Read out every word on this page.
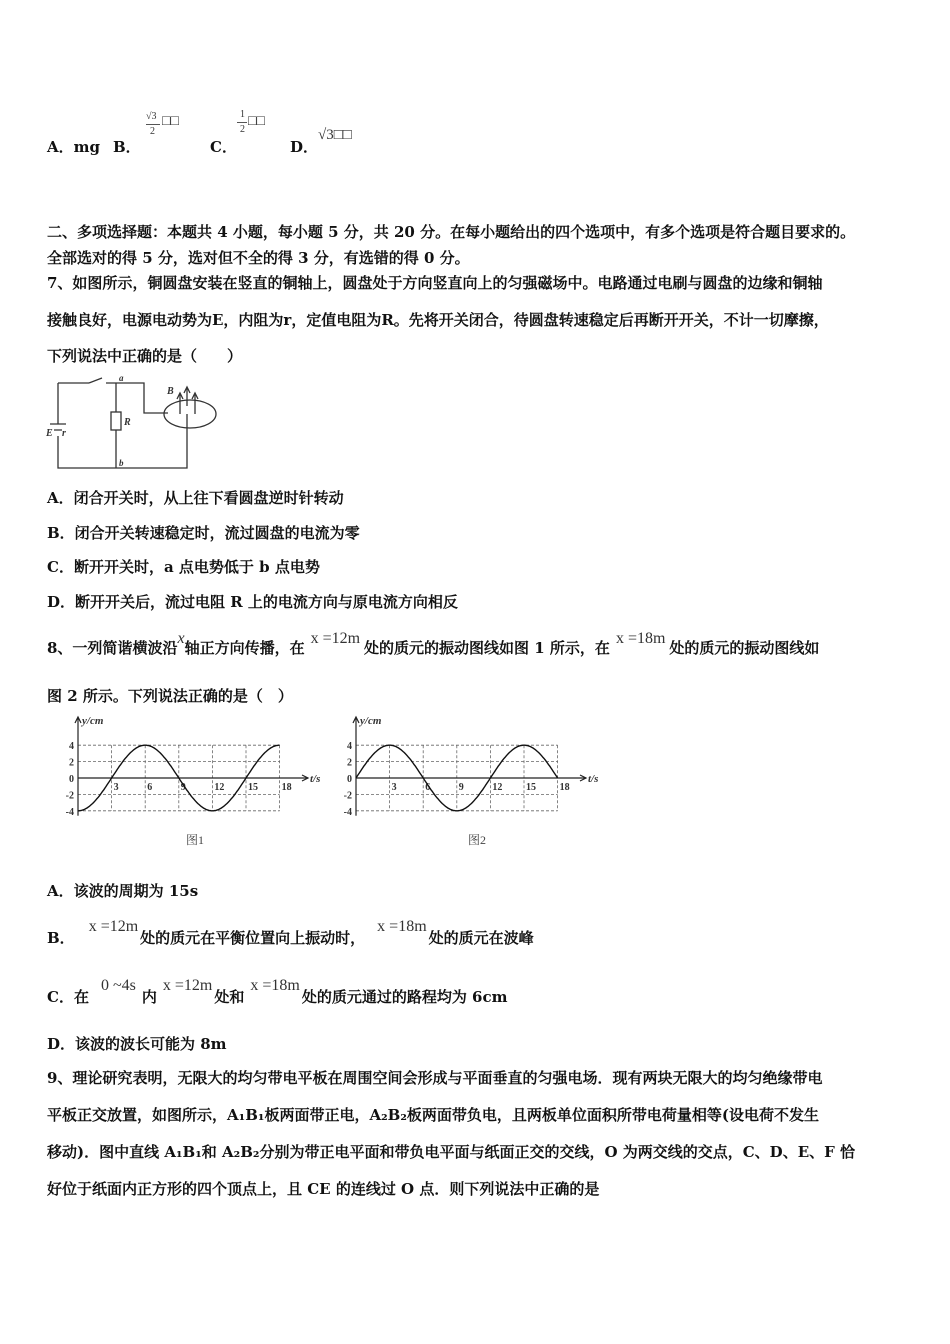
A．mg B．
√3
2
□□
C．
1
2
□□
D．
√3□□
二、多项选择题：本题共 4 小题，每小题 5 分，共 20 分。在每小题给出的四个选项中，有多个选项是符合题目要求的。
全部选对的得 5 分，选对但不全的得 3 分，有选错的得 0 分。
7、如图所示，铜圆盘安装在竖直的铜轴上，圆盘处于方向竖直向上的匀强磁场中。电路通过电刷与圆盘的边缘和铜轴
接触良好，电源电动势为E，内阻为r，定值电阻为R。先将开关闭合，待圆盘转速稳定后再断开开关，不计一切摩擦，
下列说法中正确的是（　　）
a
b
R
B
E r
A．闭合开关时，从上往下看圆盘逆时针转动
B．闭合开关转速稳定时，流过圆盘的电流为零
C．断开开关时，a 点电势低于 b 点电势
D．断开开关后，流过电阻 R 上的电流方向与原电流方向相反
8、一列简谐横波沿x轴正方向传播，在x =12m处的质元的振动图线如图 1 所示，在x =18m处的质元的振动图线如
图 2 所示。下列说法正确的是（　）
y/cm
t/s
4
2
0
-2
-4
3	6	9	12 15 18
y/cm
t/s
4
2
0
-2
-4
3	6	9	12 15 18
图1	图2
A．该波的周期为 15s
B．x =12m处的质元在平衡位置向上振动时，x =18m处的质元在波峰
C．在0 ~4s内x =12m处和x =18m处的质元通过的路程均为 6cm
D．该波的波长可能为 8m
9、理论研究表明，无限大的均匀带电平板在周围空间会形成与平面垂直的匀强电场．现有两块无限大的均匀绝缘带电
平板正交放置，如图所示，A₁B₁板两面带正电，A₂B₂板两面带负电，且两板单位面积所带电荷量相等(设电荷不发生
移动)．图中直线 A₁B₁和 A₂B₂分别为带正电平面和带负电平面与纸面正交的交线，O 为两交线的交点，C、D、E、F 恰
好位于纸面内正方形的四个顶点上，且 CE 的连线过 O 点．则下列说法中正确的是
